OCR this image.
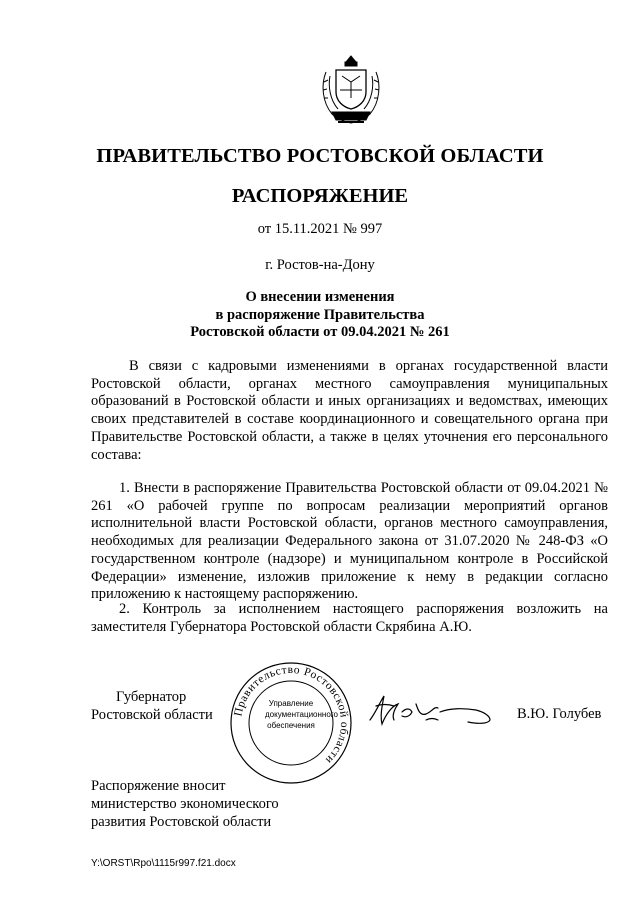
ПРАВИТЕЛЬСТВО РОСТОВСКОЙ ОБЛАСТИ
РАСПОРЯЖЕНИЕ
от 15.11.2021 № 997
г. Ростов-на-Дону
О внесении изменения
в распоряжение Правительства
Ростовской области от 09.04.2021 № 261
В связи с кадровыми изменениями в органах государственной власти Ростовской области, органах местного самоуправления муниципальных образований в Ростовской области и иных организациях и ведомствах, имеющих своих представителей в составе координационного и совещательного органа при Правительстве Ростовской области, а также в целях уточнения его персонального состава:
1. Внести в распоряжение Правительства Ростовской области от 09.04.2021 № 261 «О рабочей группе по вопросам реализации мероприятий органов исполнительной власти Ростовской области, органов местного самоуправления, необходимых для реализации Федерального закона от 31.07.2020 № 248-ФЗ «О государственном контроле (надзоре) и муниципальном контроле в Российской Федерации» изменение, изложив приложение к нему в редакции согласно приложению к настоящему распоряжению.
2. Контроль за исполнением настоящего распоряжения возложить на заместителя Губернатора Ростовской области Скрябина А.Ю.
Губернатор
Ростовской области Правительство Ростовской области
Управление
документационного
обеспечения
В.Ю. Голубев
Распоряжение вносит
министерство экономического
развития Ростовской области
Y:\ORST\Rpo\1115r997.f21.docx
